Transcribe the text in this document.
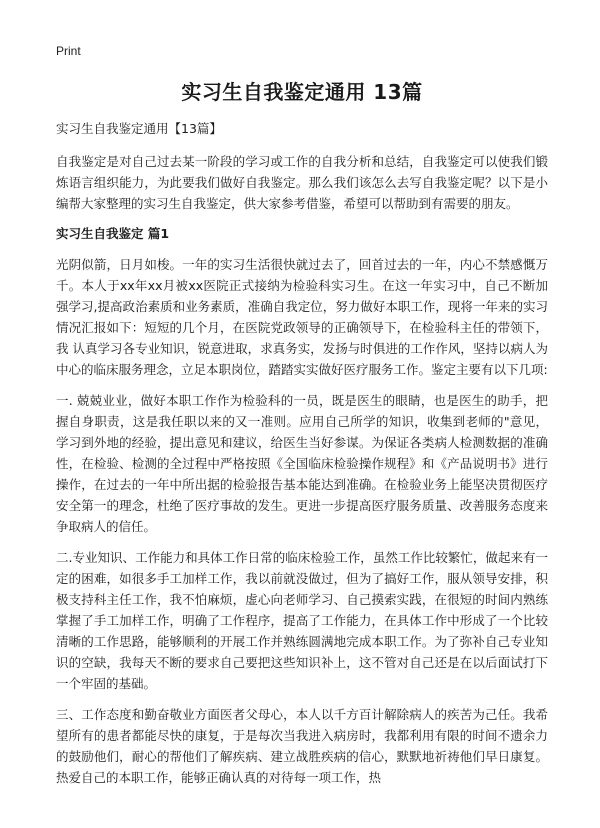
Print
实习生自我鉴定通用 13篇
实习生自我鉴定通用【13篇】

自我鉴定是对自己过去某一阶段的学习或工作的自我分析和总结，自我鉴定可以使我们锻炼语言组织能力，为此要我们做好自我鉴定。那么我们该怎么去写自我鉴定呢？以下是小编帮大家整理的实习生自我鉴定，供大家参考借鉴，希望可以帮助到有需要的朋友。

实习生自我鉴定 篇1

光阴似箭，日月如梭。一年的实习生活很快就过去了，回首过去的一年，内心不禁感慨万千。本人于xx年xx月被xx医院正式接纳为检验科实习生。在这一年实习中，自己不断加强学习,提高政治素质和业务素质，准确自我定位，努力做好本职工作，现将一年来的实习情况汇报如下：短短的几个月，在医院党政领导的正确领导下，在检验科主任的带领下，我 认真学习各专业知识，锐意进取，求真务实，发扬与时俱进的工作作风，坚持以病人为中心的临床服务理念，立足本职岗位，踏踏实实做好医疗服务工作。鉴定主要有以下几项:

一. 兢兢业业，做好本职工作作为检验科的一员，既是医生的眼睛，也是医生的助手，把握自身职责，这是我任职以来的又一准则。应用自己所学的知识，收集到老师的"意见，学习到外地的经验，提出意见和建议，给医生当好参谋。为保证各类病人检测数据的准确性，在检验、检测的全过程中严格按照《全国临床检验操作规程》和《产品说明书》进行操作，在过去的一年中所出据的检验报告基本能达到准确。在检验业务上能坚决贯彻医疗安全第一的理念，杜绝了医疗事故的发生。更进一步提高医疗服务质量、改善服务态度来争取病人的信任。

二.专业知识、工作能力和具体工作日常的临床检验工作，虽然工作比较繁忙，做起来有一定的困难，如很多手工加样工作，我以前就没做过，但为了搞好工作，服从领导安排，积极支持科主任工作，我不怕麻烦，虚心向老师学习、自己摸索实践，在很短的时间内熟练掌握了手工加样工作，明确了工作程序，提高了工作能力，在具体工作中形成了一个比较清晰的工作思路，能够顺利的开展工作并熟练圆满地完成本职工作。为了弥补自己专业知识的空缺，我每天不断的要求自己要把这些知识补上，这不管对自己还是在以后面试打下一个牢固的基础。

三、工作态度和勤奋敬业方面医者父母心，本人以千方百计解除病人的疾苦为己任。我希望所有的患者都能尽快的康复，于是每次当我进入病房时，我都利用有限的时间不遗余力的鼓励他们，耐心的帮他们了解疾病、建立战胜疾病的信心，默默地祈祷他们早日康复。热爱自己的本职工作，能够正确认真的对待每一项工作，热
